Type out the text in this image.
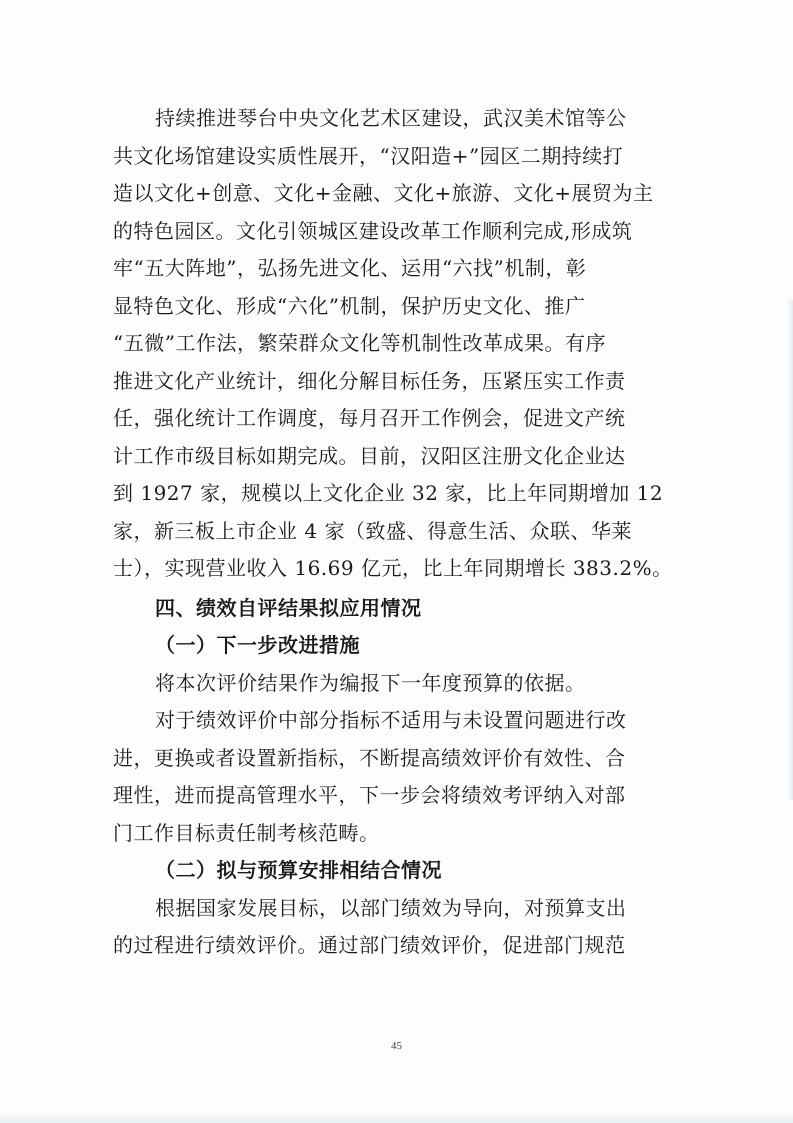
持续推进琴台中央文化艺术区建设，武汉美术馆等公
共文化场馆建设实质性展开，“汉阳造+”园区二期持续打
造以文化+创意、文化+金融、文化+旅游、文化+展贸为主
的特色园区。文化引领城区建设改革工作顺利完成,形成筑
牢“五大阵地”，弘扬先进文化、运用“六找”机制，彰
显特色文化、形成“六化”机制，保护历史文化、推广
“五微”工作法，繁荣群众文化等机制性改革成果。有序
推进文化产业统计，细化分解目标任务，压紧压实工作责
任，强化统计工作调度，每月召开工作例会，促进文产统
计工作市级目标如期完成。目前，汉阳区注册文化企业达
到 1927 家，规模以上文化企业 32 家，比上年同期增加 12
家，新三板上市企业 4 家（致盛、得意生活、众联、华莱
士），实现营业收入 16.69 亿元，比上年同期增长 383.2%。
四、绩效自评结果拟应用情况
（一）下一步改进措施
将本次评价结果作为编报下一年度预算的依据。
对于绩效评价中部分指标不适用与未设置问题进行改
进，更换或者设置新指标，不断提高绩效评价有效性、合
理性，进而提高管理水平，下一步会将绩效考评纳入对部
门工作目标责任制考核范畴。
（二）拟与预算安排相结合情况
根据国家发展目标，以部门绩效为导向，对预算支出
的过程进行绩效评价。通过部门绩效评价，促进部门规范
45
